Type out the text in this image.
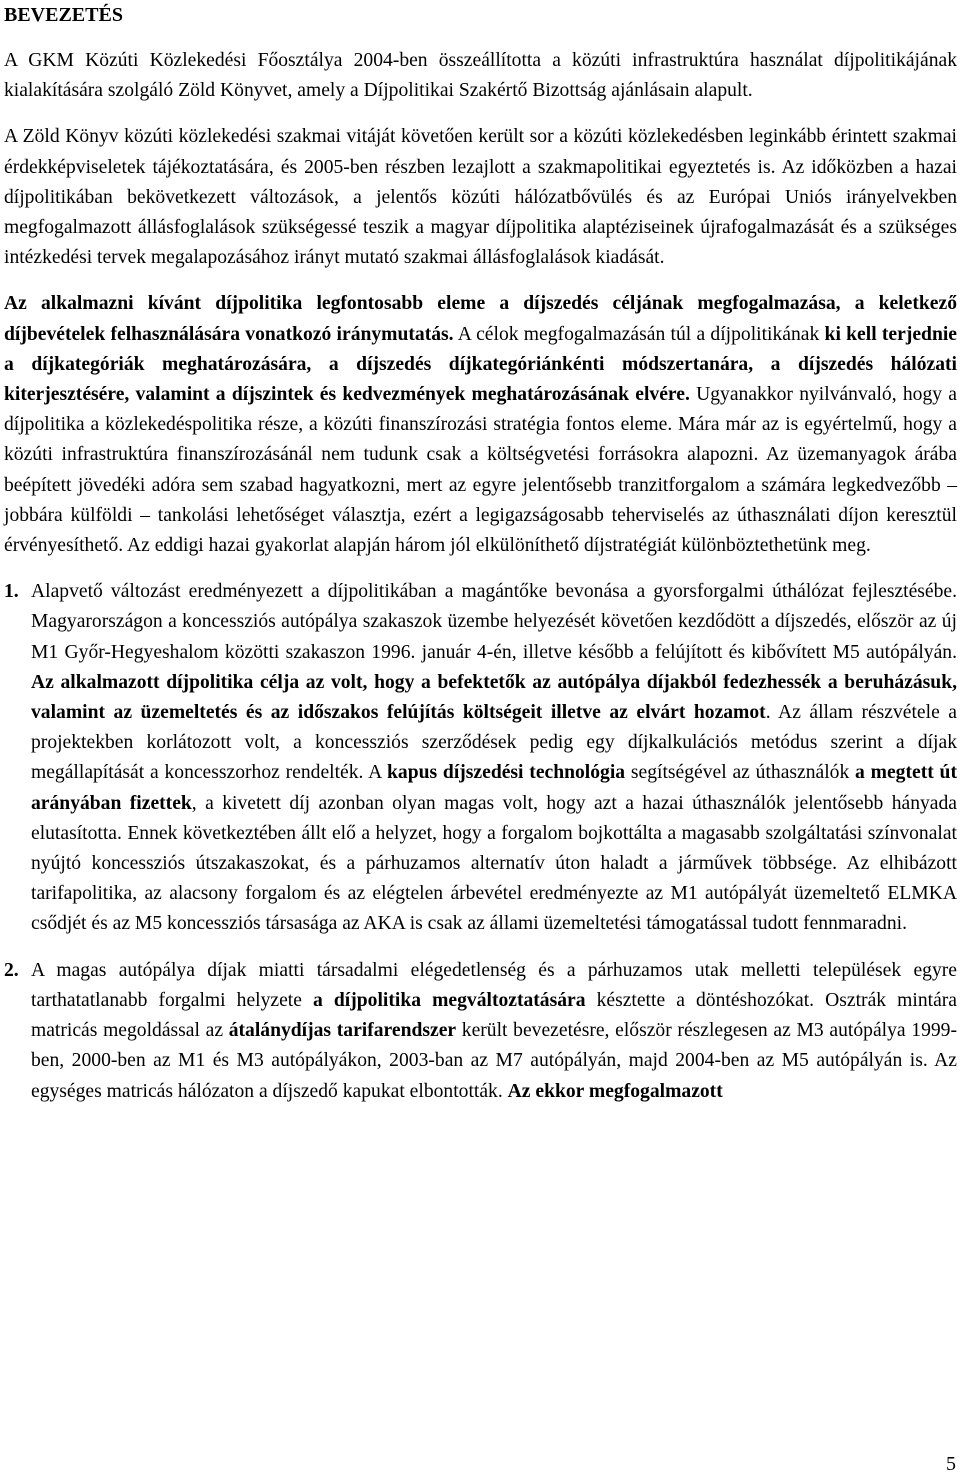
BEVEZETÉS

A GKM Közúti Közlekedési Főosztálya 2004-ben összeállította a közúti infrastruktúra használat díjpolitikájának kialakítására szolgáló Zöld Könyvet, amely a Díjpolitikai Szakértő Bizottság ajánlásain alapult.

A Zöld Könyv közúti közlekedési szakmai vitáját követően került sor a közúti közlekedésben leginkább érintett szakmai érdekképviseletek tájékoztatására, és 2005-ben részben lezajlott a szakmapolitikai egyeztetés is. Az időközben a hazai díjpolitikában bekövetkezett változások, a jelentős közúti hálózatbővülés és az Európai Uniós irányelvekben megfogalmazott állásfoglalások szükségessé teszik a magyar díjpolitika alaptéziseinek újrafogalmazását és a szükséges intézkedési tervek megalapozásához irányt mutató szakmai állásfoglalások kiadását.

Az alkalmazni kívánt díjpolitika legfontosabb eleme a díjszedés céljának megfogalmazása, a keletkező díjbevételek felhasználására vonatkozó iránymutatás. A célok megfogalmazásán túl a díjpolitikának ki kell terjednie a díjkategóriák meghatározására, a díjszedés díjkategóriánkénti módszertanára, a díjszedés hálózati kiterjesztésére, valamint a díjszintek és kedvezmények meghatározásának elvére. Ugyanakkor nyilvánvaló, hogy a díjpolitika a közlekedéspolitika része, a közúti finanszírozási stratégia fontos eleme. Mára már az is egyértelmű, hogy a közúti infrastruktúra finanszírozásánál nem tudunk csak a költségvetési forrásokra alapozni. Az üzemanyagok árába beépített jövedéki adóra sem szabad hagyatkozni, mert az egyre jelentősebb tranzitforgalom a számára legkedvezőbb – jobbára külföldi – tankolási lehetőséget választja, ezért a legigazságosabb teherviselés az úthasználati díjon keresztül érvényesíthető. Az eddigi hazai gyakorlat alapján három jól elkülöníthető díjstratégiát különböztethetünk meg.

1. Alapvető változást eredményezett a díjpolitikában a magántőke bevonása a gyorsforgalmi úthálózat fejlesztésébe. Magyarországon a koncessziós autópálya szakaszok üzembe helyezését követően kezdődött a díjszedés, először az új M1 Győr-Hegyeshalom közötti szakaszon 1996. január 4-én, illetve később a felújított és kibővített M5 autópályán. Az alkalmazott díjpolitika célja az volt, hogy a befektetők az autópálya díjakból fedezhessék a beruházásuk, valamint az üzemeltetés és az időszakos felújítás költségeit illetve az elvárt hozamot. Az állam részvétele a projektekben korlátozott volt, a koncessziós szerződések pedig egy díjkalkulációs metódus szerint a díjak megállapítását a koncesszorhoz rendelték. A kapus díjszedési technológia segítségével az úthasználók a megtett út arányában fizettek, a kivetett díj azonban olyan magas volt, hogy azt a hazai úthasználók jelentősebb hányada elutasította. Ennek következtében állt elő a helyzet, hogy a forgalom bojkottálta a magasabb szolgáltatási színvonalat nyújtó koncessziós útszakaszokat, és a párhuzamos alternatív úton haladt a járművek többsége. Az elhibázott tarifapolitika, az alacsony forgalom és az elégtelen árbevétel eredményezte az M1 autópályát üzemeltető ELMKA csődjét és az M5 koncessziós társasága az AKA is csak az állami üzemeltetési támogatással tudott fennmaradni.

2. A magas autópálya díjak miatti társadalmi elégedetlenség és a párhuzamos utak melletti települések egyre tarthatatlanabb forgalmi helyzete a díjpolitika megváltoztatására késztette a döntéshozókat. Osztrák mintára matricás megoldással az átalánydíjas tarifarendszer került bevezetésre, először részlegesen az M3 autópálya 1999-ben, 2000-ben az M1 és M3 autópályákon, 2003-ban az M7 autópályán, majd 2004-ben az M5 autópályán is. Az egységes matricás hálózaton a díjszedő kapukat elbontották. Az ekkor megfogalmazott

5
